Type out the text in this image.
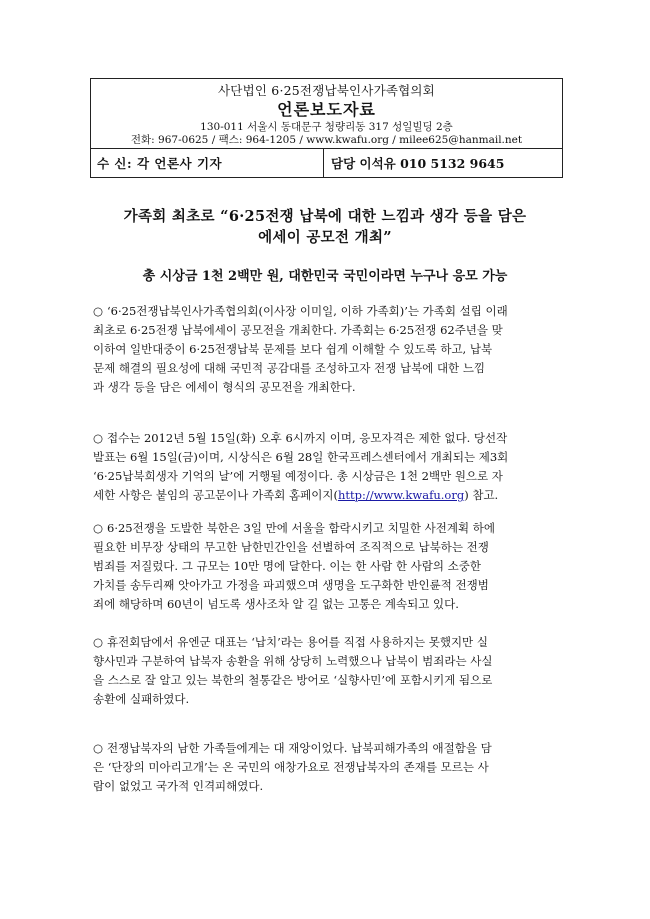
사단법인 6·25전쟁납북인사가족협의회
언론보도자료
130-011 서울시 동대문구 청량리동 317 성일빌딩 2층
전화: 967-0625 / 팩스: 964-1205 / www.kwafu.org / milee625@hanmail.net
수 신: 각 언론사 기자	담당 이석유 010 5132 9645
가족회 최초로 “6·25전쟁 납북에 대한 느낌과 생각 등을 담은
에세이 공모전 개최”
총 시상금 1천 2백만 원, 대한민국 국민이라면 누구나 응모 가능

○ ‘6·25전쟁납북인사가족협의회(이사장 이미일, 이하 가족회)’는 가족회 설립 이래

최초로 6·25전쟁 납북에세이 공모전을 개최한다. 가족회는 6·25전쟁 62주년을 맞

이하여 일반대중이 6·25전쟁납북 문제를 보다 쉽게 이해할 수 있도록 하고, 납북

문제 해결의 필요성에 대해 국민적 공감대를 조성하고자 전쟁 납북에 대한 느낌

과 생각 등을 담은 에세이 형식의 공모전을 개최한다.

○ 접수는 2012년 5월 15일(화) 오후 6시까지 이며, 응모자격은 제한 없다. 당선작

발표는 6월 15일(금)이며, 시상식은 6월 28일 한국프레스센터에서 개최되는 제3회

‘6·25납북희생자 기억의 날’에 거행될 예정이다. 총 시상금은 1천 2백만 원으로 자

세한 사항은 붙임의 공고문이나 가족회 홈페이지(http://www.kwafu.org) 참고.

○ 6·25전쟁을 도발한 북한은 3일 만에 서울을 함락시키고 치밀한 사전계획 하에

필요한 비무장 상태의 무고한 남한민간인을 선별하여 조직적으로 납북하는 전쟁

범죄를 저질렀다. 그 규모는 10만 명에 달한다. 이는 한 사람 한 사람의 소중한

가치를 송두리째 앗아가고 가정을 파괴했으며 생명을 도구화한 반인륜적 전쟁범

죄에 해당하며 60년이 넘도록 생사조차 알 길 없는 고통은 계속되고 있다.

○ 휴전회담에서 유엔군 대표는 ‘납치’라는 용어를 직접 사용하지는 못했지만 실

향사민과 구분하여 납북자 송환을 위해 상당히 노력했으나 납북이 범죄라는 사실

을 스스로 잘 알고 있는 북한의 철통같은 방어로 ‘실향사민’에 포함시키게 됨으로

송환에 실패하였다.

○ 전쟁납북자의 남한 가족들에게는 대 재앙이었다. 납북피해가족의 애절함을 담

은 ‘단장의 미아리고개’는 온 국민의 애창가요로 전쟁납북자의 존재를 모르는 사

람이 없었고 국가적 인격피해였다.
